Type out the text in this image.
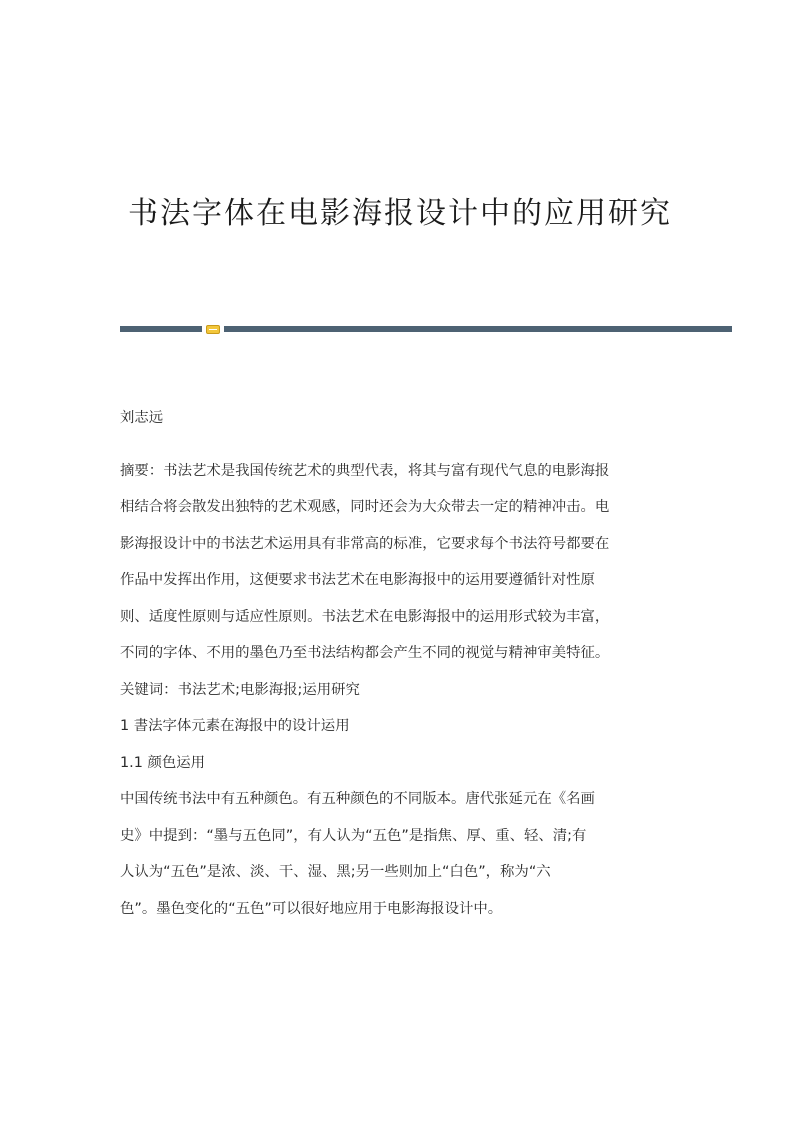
书法字体在电影海报设计中的应用研究
刘志远
摘要：书法艺术是我国传统艺术的典型代表，将其与富有现代气息的电影海报
相结合将会散发出独特的艺术观感，同时还会为大众带去一定的精神冲击。电
影海报设计中的书法艺术运用具有非常高的标准，它要求每个书法符号都要在
作品中发挥出作用，这便要求书法艺术在电影海报中的运用要遵循针对性原
则、适度性原则与适应性原则。书法艺术在电影海报中的运用形式较为丰富，
不同的字体、不用的墨色乃至书法结构都会产生不同的视觉与精神审美特征。
关键词：书法艺术;电影海报;运用研究
1 書法字体元素在海报中的设计运用
1.1 颜色运用
中国传统书法中有五种颜色。有五种颜色的不同版本。唐代张延元在《名画
史》中提到：“墨与五色同”，有人认为“五色”是指焦、厚、重、轻、清;有
人认为“五色”是浓、淡、干、湿、黑;另一些则加上“白色”，称为“六
色”。墨色变化的“五色”可以很好地应用于电影海报设计中。
